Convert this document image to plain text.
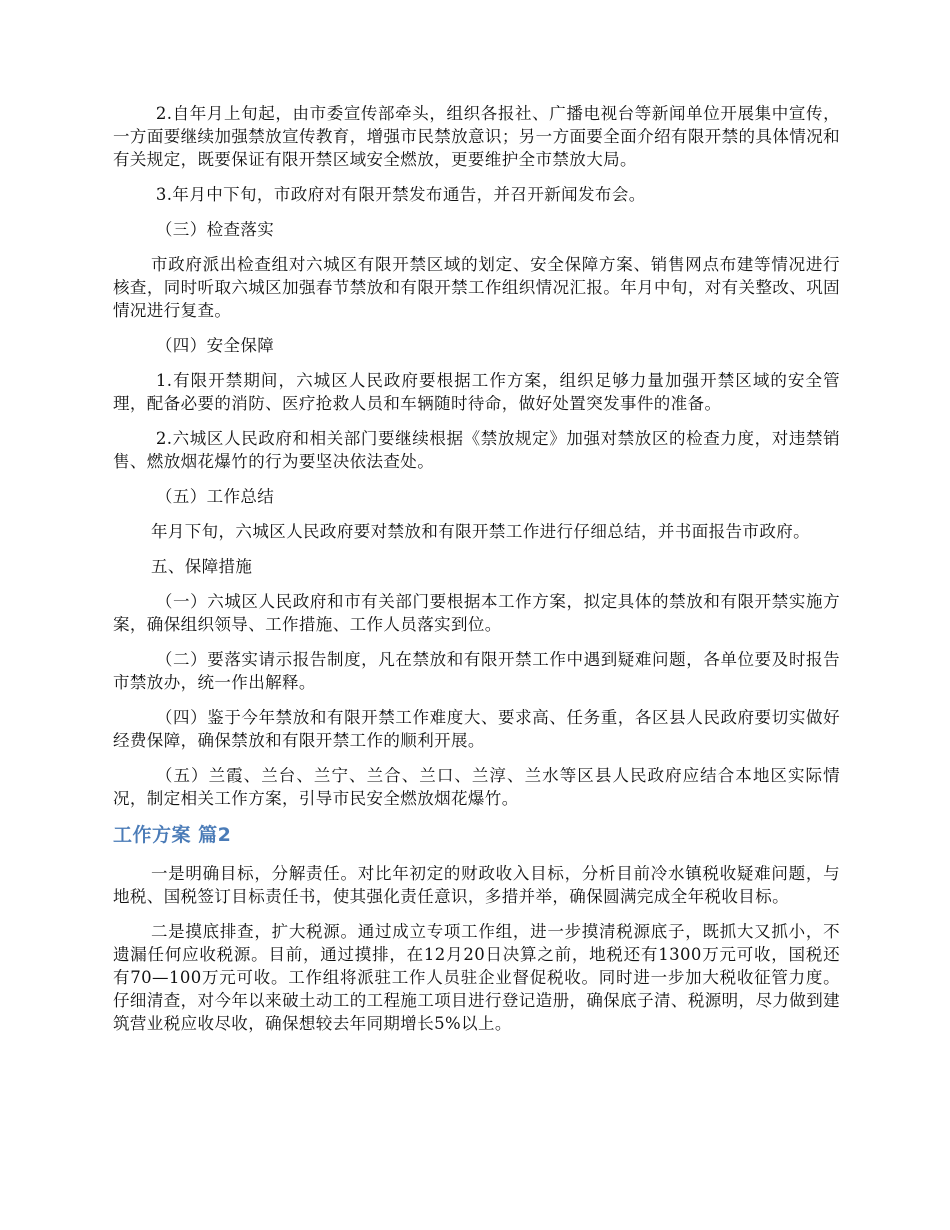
2.自年月上旬起，由市委宣传部牵头，组织各报社、广播电视台等新闻单位开展集中宣传，一方面要继续加强禁放宣传教育，增强市民禁放意识；另一方面要全面介绍有限开禁的具体情况和有关规定，既要保证有限开禁区域安全燃放，更要维护全市禁放大局。

3.年月中下旬，市政府对有限开禁发布通告，并召开新闻发布会。

（三）检查落实

市政府派出检查组对六城区有限开禁区域的划定、安全保障方案、销售网点布建等情况进行核查，同时听取六城区加强春节禁放和有限开禁工作组织情况汇报。年月中旬，对有关整改、巩固情况进行复查。

（四）安全保障

1.有限开禁期间，六城区人民政府要根据工作方案，组织足够力量加强开禁区域的安全管理，配备必要的消防、医疗抢救人员和车辆随时待命，做好处置突发事件的准备。

2.六城区人民政府和相关部门要继续根据《禁放规定》加强对禁放区的检查力度，对违禁销售、燃放烟花爆竹的行为要坚决依法查处。

（五）工作总结

年月下旬，六城区人民政府要对禁放和有限开禁工作进行仔细总结，并书面报告市政府。

五、保障措施

（一）六城区人民政府和市有关部门要根据本工作方案，拟定具体的禁放和有限开禁实施方案，确保组织领导、工作措施、工作人员落实到位。

（二）要落实请示报告制度，凡在禁放和有限开禁工作中遇到疑难问题，各单位要及时报告市禁放办，统一作出解释。

（四）鉴于今年禁放和有限开禁工作难度大、要求高、任务重，各区县人民政府要切实做好经费保障，确保禁放和有限开禁工作的顺利开展。

（五）兰霞、兰台、兰宁、兰合、兰口、兰淳、兰水等区县人民政府应结合本地区实际情况，制定相关工作方案，引导市民安全燃放烟花爆竹。

工作方案 篇2

一是明确目标，分解责任。对比年初定的财政收入目标，分析目前冷水镇税收疑难问题，与地税、国税签订目标责任书，使其强化责任意识，多措并举，确保圆满完成全年税收目标。

二是摸底排查，扩大税源。通过成立专项工作组，进一步摸清税源底子，既抓大又抓小，不遗漏任何应收税源。目前，通过摸排，在12月20日决算之前，地税还有1300万元可收，国税还有70—100万元可收。工作组将派驻工作人员驻企业督促税收。同时进一步加大税收征管力度。仔细清查，对今年以来破土动工的工程施工项目进行登记造册，确保底子清、税源明，尽力做到建筑营业税应收尽收，确保想较去年同期增长5%以上。
